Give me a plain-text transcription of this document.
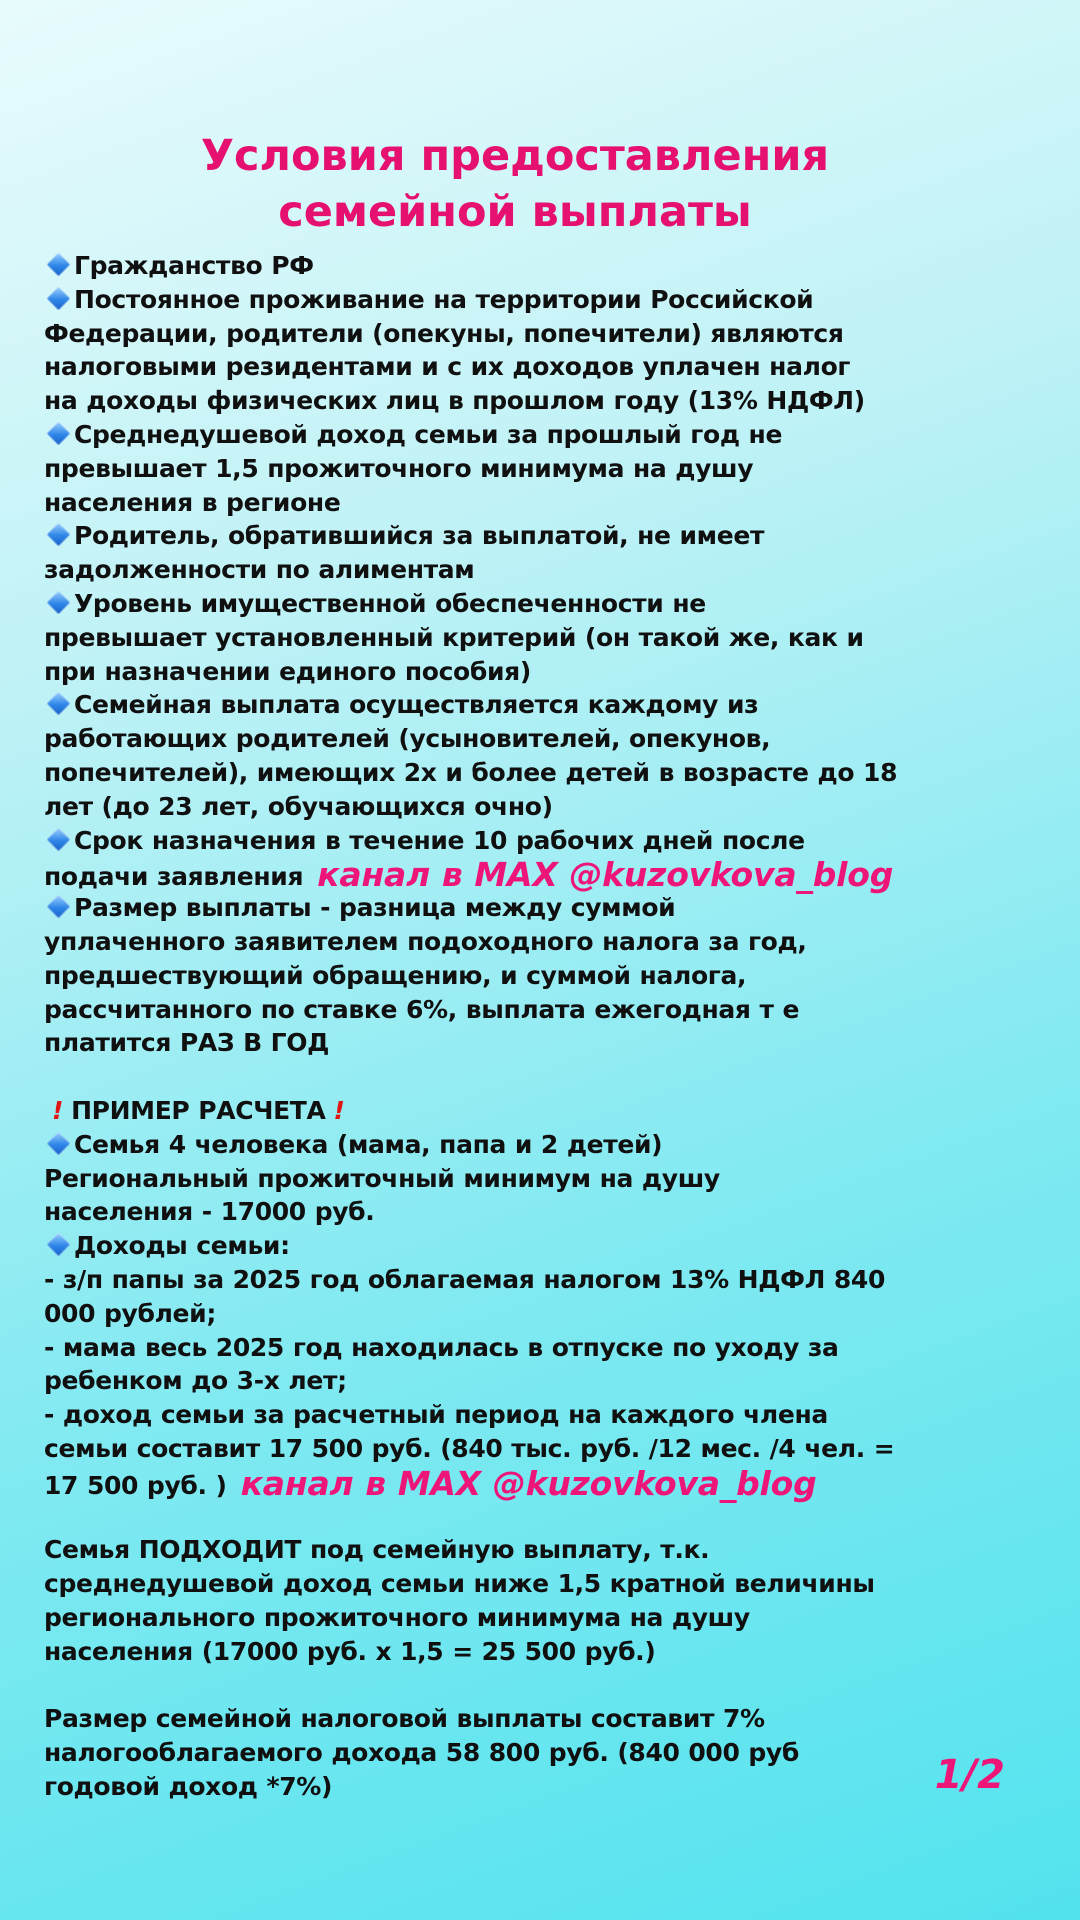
Условия предоставления
семейной выплаты
Гражданство РФ
Постоянное проживание на территории Российской
Федерации, родители (опекуны, попечители) являются
налоговыми резидентами и с их доходов уплачен налог
на доходы физических лиц в прошлом году (13% НДФЛ)
Среднедушевой доход семьи за прошлый год не
превышает 1,5 прожиточного минимума на душу
населения в регионе
Родитель, обратившийся за выплатой, не имеет
задолженности по алиментам
Уровень имущественной обеспеченности не
превышает установленный критерий (он такой же, как и
при назначении единого пособия)
Семейная выплата осуществляется каждому из
работающих родителей (усыновителей, опекунов,
попечителей), имеющих 2х и более детей в возрасте до 18
лет (до 23 лет, обучающихся очно)
Срок назначения в течение 10 рабочих дней после
подачи заявления канал в MAX @kuzovkova_blog
Размер выплаты - разница между суммой
уплаченного заявителем подоходного налога за год,
предшествующий обращению, и суммой налога,
рассчитанного по ставке 6%, выплата ежегодная т е
платится РАЗ В ГОД
! ПРИМЕР РАСЧЕТА !
Семья 4 человека (мама, папа и 2 детей)
Региональный прожиточный минимум на душу
населения - 17000 руб.
Доходы семьи:
- з/п папы за 2025 год облагаемая налогом 13% НДФЛ 840
000 рублей;
- мама весь 2025 год находилась в отпуске по уходу за
ребенком до 3-х лет;
- доход семьи за расчетный период на каждого члена
семьи составит 17 500 руб. (840 тыс. руб. /12 мес. /4 чел. =
17 500 руб. ) канал в MAX @kuzovkova_blog
Семья ПОДХОДИТ под семейную выплату, т.к.
среднедушевой доход семьи ниже 1,5 кратной величины
регионального прожиточного минимума на душу
населения (17000 руб. х 1,5 = 25 500 руб.)
Размер семейной налоговой выплаты составит 7%
налогооблагаемого дохода 58 800 руб. (840 000 руб
годовой доход *7%)	1/2
